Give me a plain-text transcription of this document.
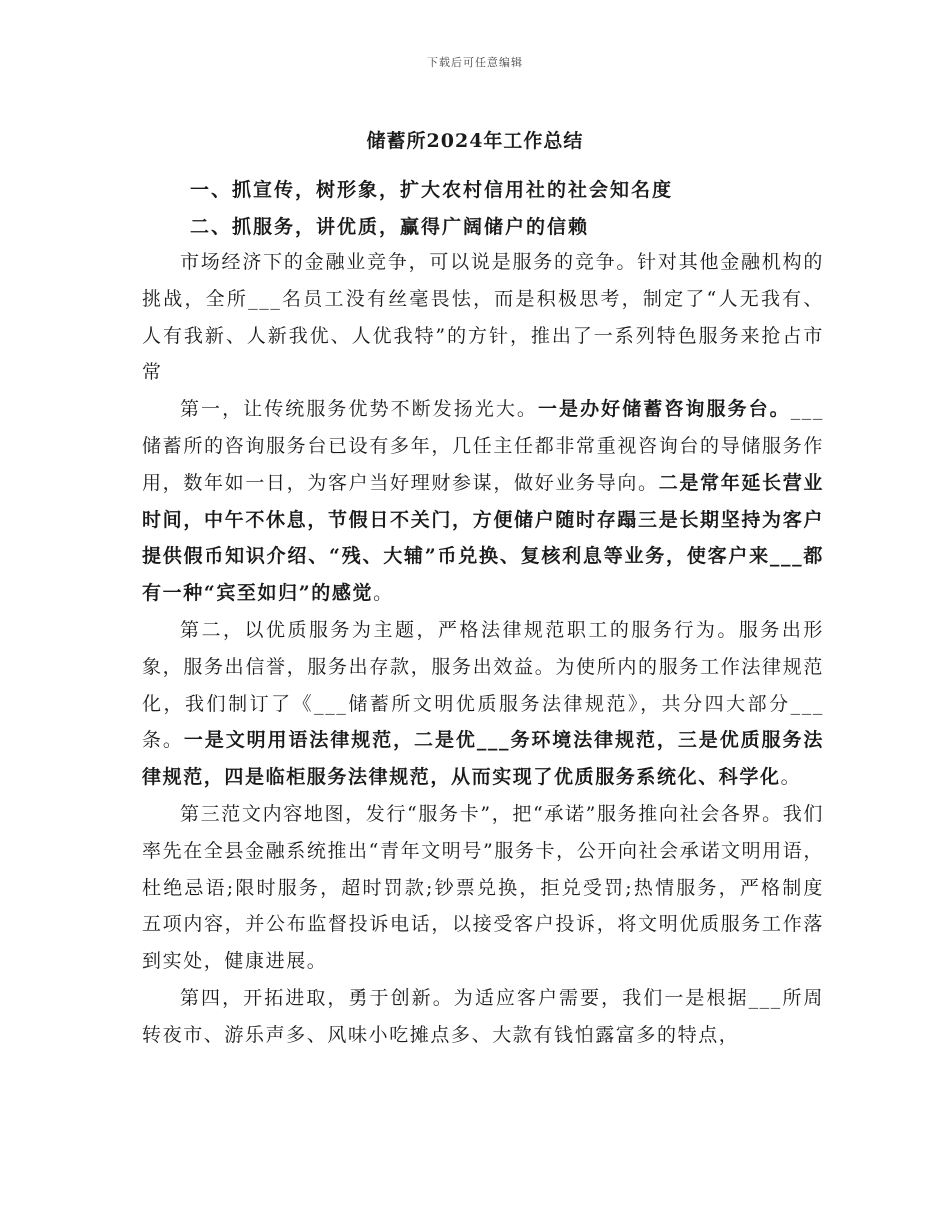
下载后可任意编辑
储蓄所2024年工作总结
一、抓宣传，树形象，扩大农村信用社的社会知名度
二、抓服务，讲优质，赢得广阔储户的信赖

市场经济下的金融业竞争，可以说是服务的竞争。针对其他金融机构的挑战，全所___名员工没有丝毫畏怯，而是积极思考，制定了“人无我有、人有我新、人新我优、人优我特”的方针，推出了一系列特色服务来抢占市常

第一，让传统服务优势不断发扬光大。一是办好储蓄咨询服务台。___储蓄所的咨询服务台已设有多年，几任主任都非常重视咨询台的导储服务作用，数年如一日，为客户当好理财参谋，做好业务导向。二是常年延长营业时间，中午不休息，节假日不关门，方便储户随时存蹋三是长期坚持为客户提供假币知识介绍、“残、大辅”币兑换、复核利息等业务，使客户来___都有一种“宾至如归”的感觉。

第二，以优质服务为主题，严格法律规范职工的服务行为。服务出形象，服务出信誉，服务出存款，服务出效益。为使所内的服务工作法律规范化，我们制订了《___储蓄所文明优质服务法律规范》，共分四大部分___条。一是文明用语法律规范，二是优___务环境法律规范，三是优质服务法律规范，四是临柜服务法律规范，从而实现了优质服务系统化、科学化。

第三范文内容地图，发行“服务卡”，把“承诺”服务推向社会各界。我们率先在全县金融系统推出“青年文明号”服务卡，公开向社会承诺文明用语，杜绝忌语;限时服务，超时罚款;钞票兑换，拒兑受罚;热情服务，严格制度五项内容，并公布监督投诉电话，以接受客户投诉，将文明优质服务工作落到实处，健康进展。

第四，开拓进取，勇于创新。为适应客户需要，我们一是根据___所周转夜市、游乐声多、风味小吃摊点多、大款有钱怕露富多的特点，
